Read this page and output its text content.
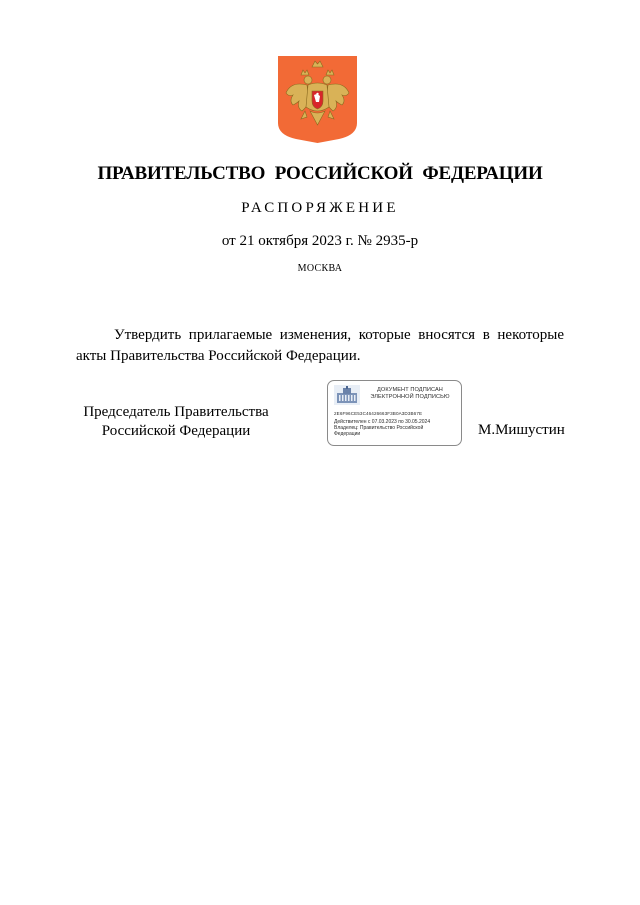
ПРАВИТЕЛЬСТВО РОССИЙСКОЙ ФЕДЕРАЦИИ
РАСПОРЯЖЕНИЕ
от 21 октября 2023 г. № 2935-р
МОСКВА
Утвердить прилагаемые изменения, которые вносятся в некоторые акты Правительства Российской Федерации.
Председатель Правительства
Российской Федерации
ДОКУМЕНТ ПОДПИСАН
ЭЛЕКТРОННОЙ ПОДПИСЬЮ
2E6F96CE53C46426663F3B0A3D3B67E
Действителен с 07.03.2023 по 30.05.2024
Владелец: Правительство Российской
Федерации	М.Мишустин
